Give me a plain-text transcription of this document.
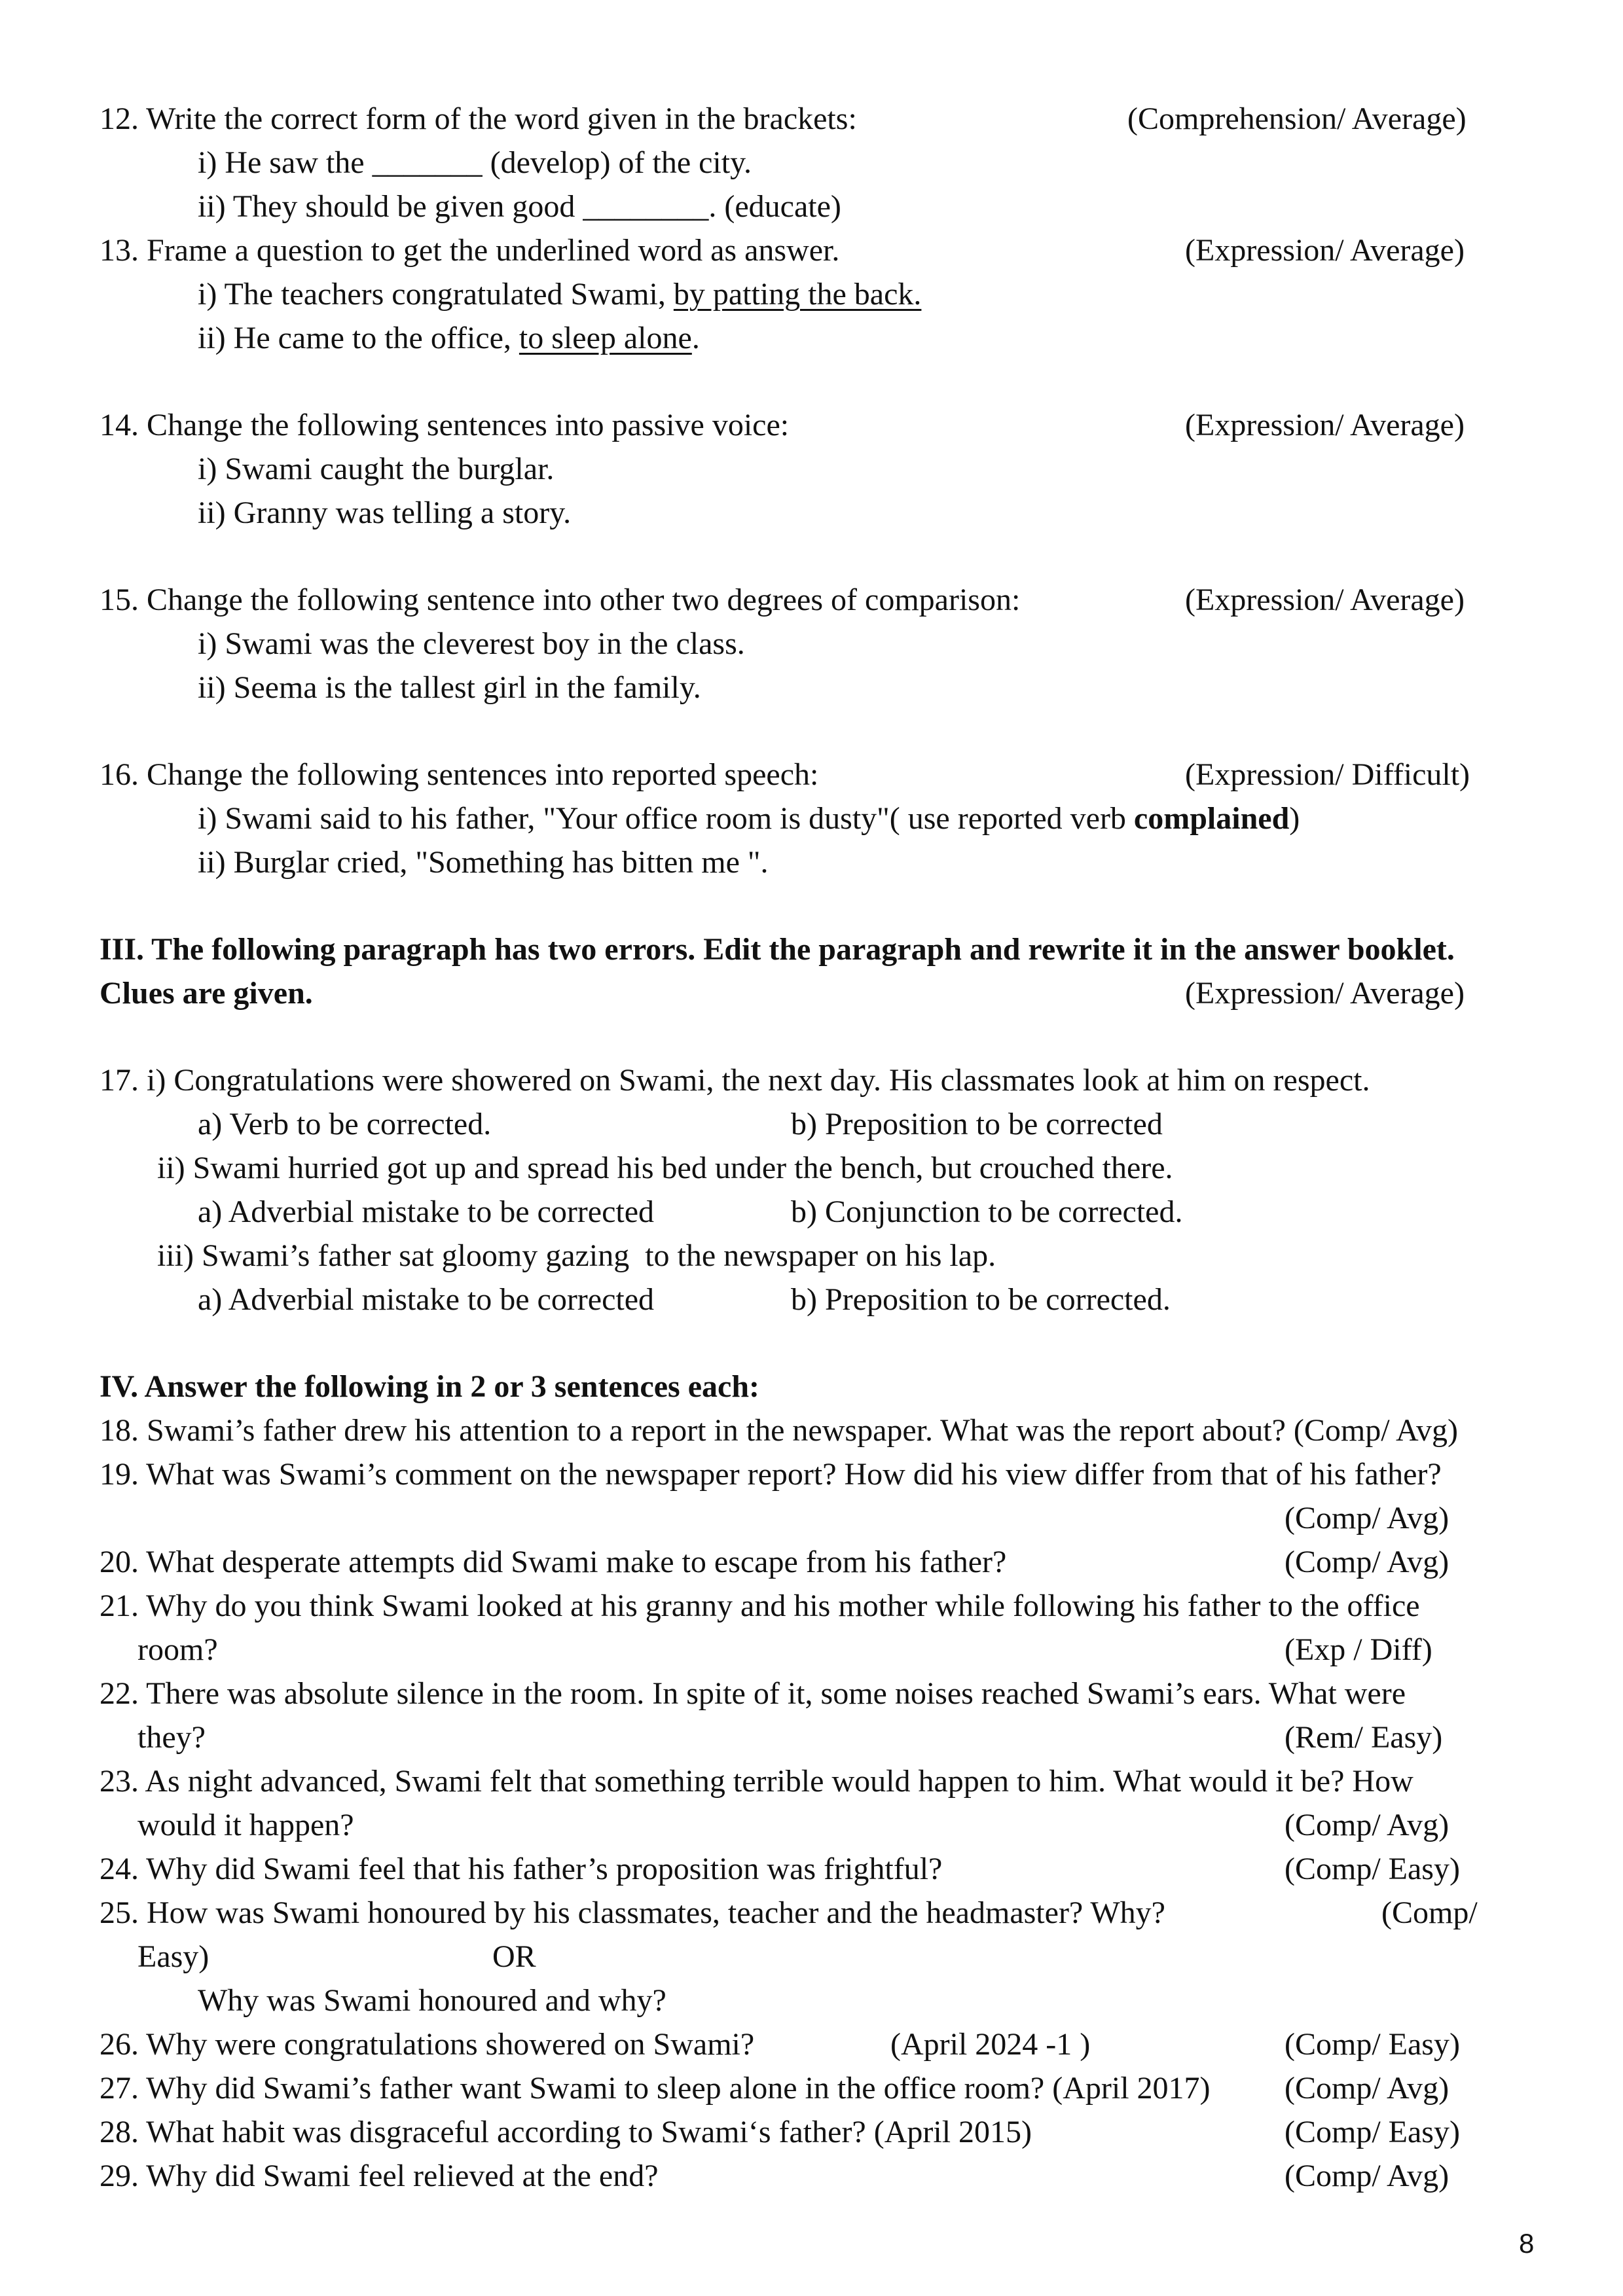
12. Write the correct form of the word given in the brackets:	(Comprehension/ Average)
i) He saw the _______ (develop) of the city.
ii) They should be given good ________. (educate)
13. Frame a question to get the underlined word as answer.	(Expression/ Average)
i) The teachers congratulated Swami, by patting the back.
ii) He came to the office, to sleep alone.
14. Change the following sentences into passive voice:	(Expression/ Average)
i) Swami caught the burglar.
ii) Granny was telling a story.
15. Change the following sentence into other two degrees of comparison:	(Expression/ Average)
i) Swami was the cleverest boy in the class.
ii) Seema is the tallest girl in the family.
16. Change the following sentences into reported speech:	(Expression/ Difficult)
i) Swami said to his father, "Your office room is dusty"( use reported verb complained)
ii) Burglar cried, "Something has bitten me ".
III. The following paragraph has two errors. Edit the paragraph and rewrite it in the answer booklet.
Clues are given.	(Expression/ Average)
17. i) Congratulations were showered on Swami, the next day. His classmates look at him on respect.
a) Verb to be corrected.	b) Preposition to be corrected
ii) Swami hurried got up and spread his bed under the bench, but crouched there.
a) Adverbial mistake to be corrected	b) Conjunction to be corrected.
iii) Swami’s father sat gloomy gazing  to the newspaper on his lap.
a) Adverbial mistake to be corrected	b) Preposition to be corrected.
IV. Answer the following in 2 or 3 sentences each:
18. Swami’s father drew his attention to a report in the newspaper. What was the report about? (Comp/ Avg)
19. What was Swami’s comment on the newspaper report? How did his view differ from that of his father?
(Comp/ Avg)
20. What desperate attempts did Swami make to escape from his father?	(Comp/ Avg)
21. Why do you think Swami looked at his granny and his mother while following his father to the office
room?	(Exp / Diff)
22. There was absolute silence in the room. In spite of it, some noises reached Swami’s ears. What were
they?	(Rem/ Easy)
23. As night advanced, Swami felt that something terrible would happen to him. What would it be? How
would it happen?	(Comp/ Avg)
24. Why did Swami feel that his father’s proposition was frightful?	(Comp/ Easy)
25. How was Swami honoured by his classmates, teacher and the headmaster? Why?	(Comp/
Easy)	OR
Why was Swami honoured and why?
26. Why were congratulations showered on Swami?	(April 2024 -1 )	(Comp/ Easy)
27. Why did Swami’s father want Swami to sleep alone in the office room? (April 2017) (Comp/ Avg)
28. What habit was disgraceful according to Swami‘s father? (April 2015)	(Comp/ Easy)
29. Why did Swami feel relieved at the end?	(Comp/ Avg)
8
